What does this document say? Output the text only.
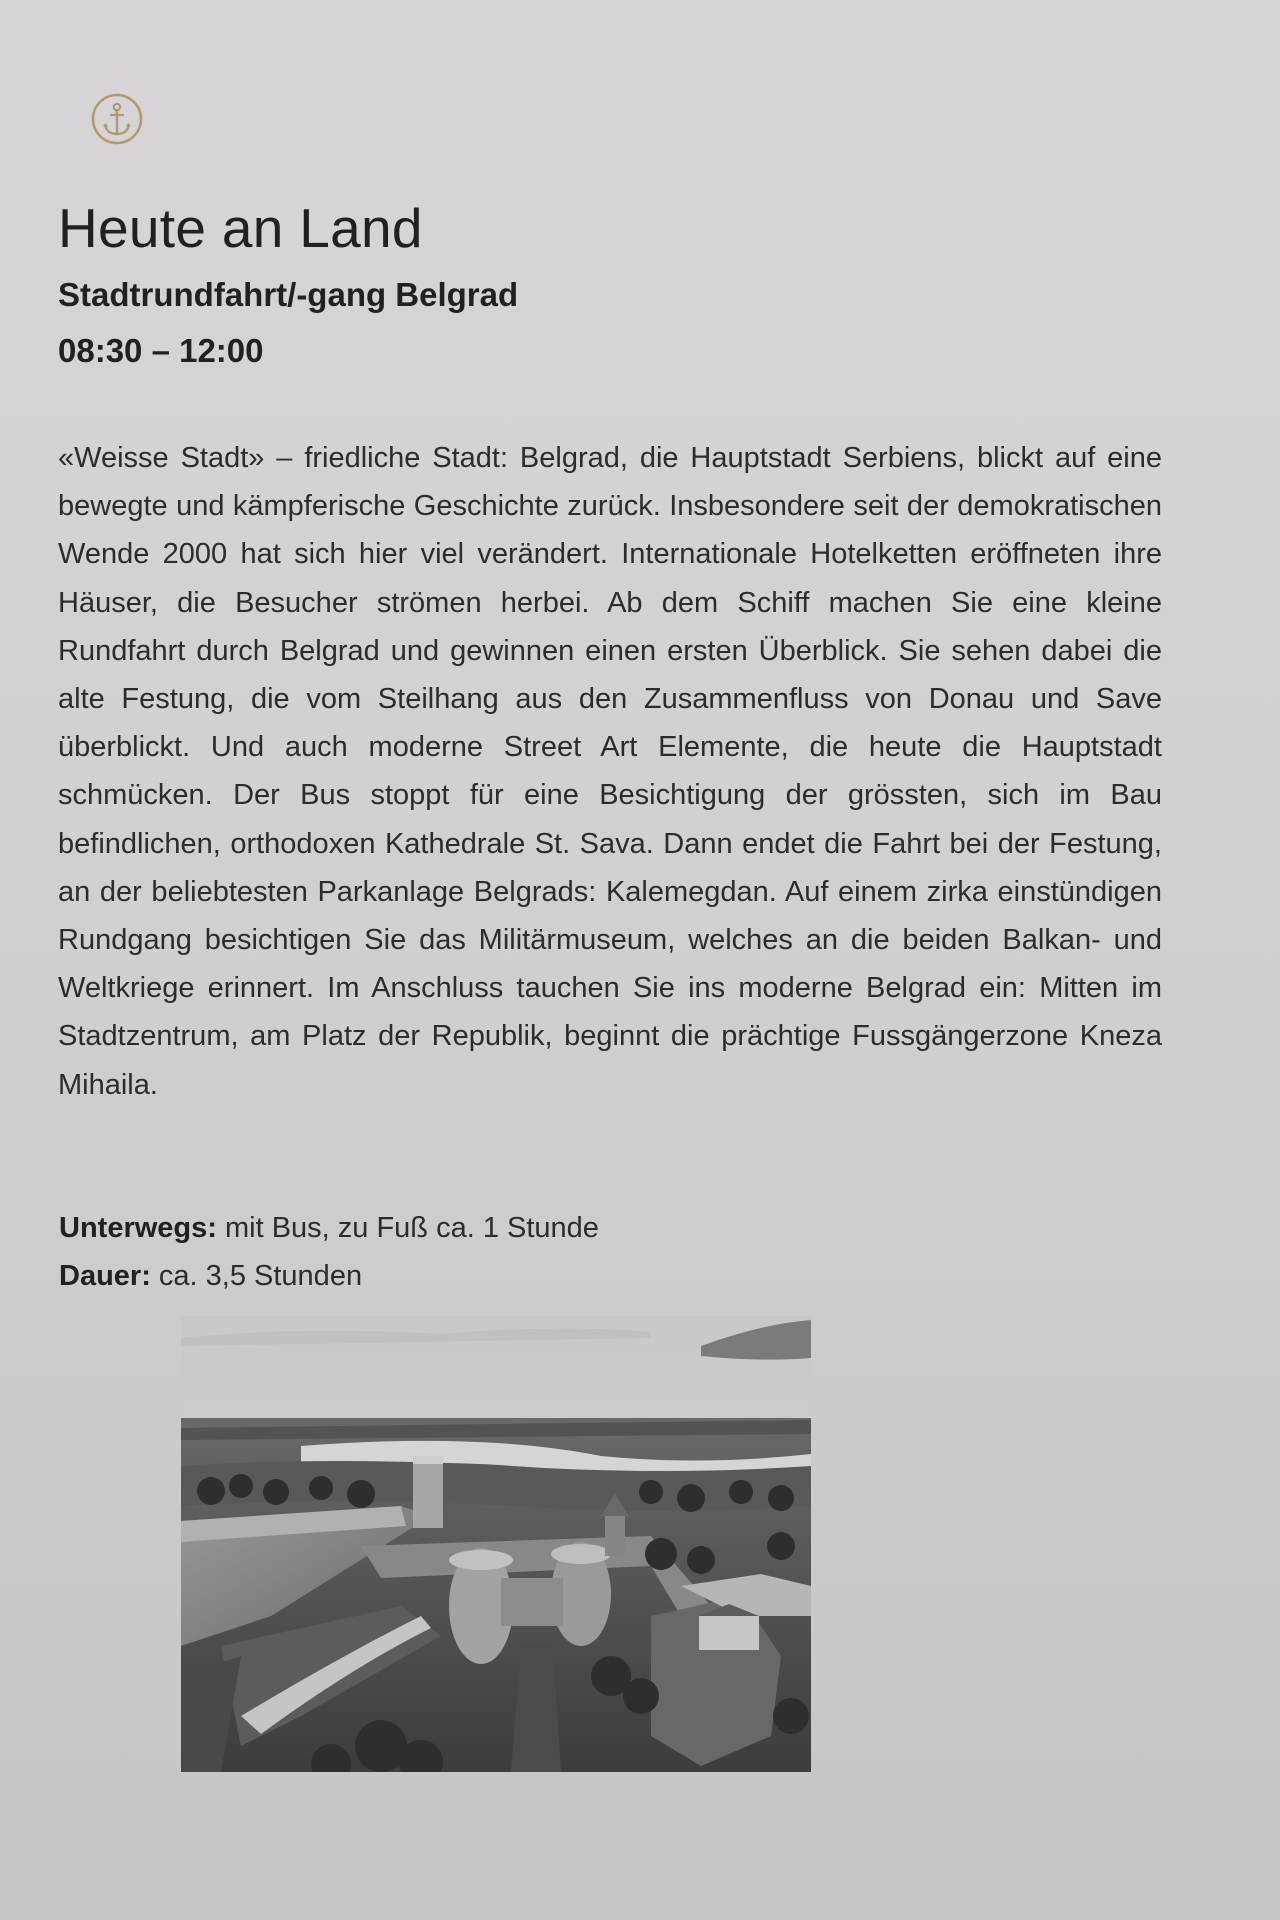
Heute an Land
Stadtrundfahrt/-gang Belgrad
08:30 – 12:00

«Weisse Stadt» – friedliche Stadt: Belgrad, die Hauptstadt Serbiens, blickt auf eine bewegte und kämpferische Geschichte zurück. Insbesondere seit der demokratischen Wende 2000 hat sich hier viel verändert. Internationale Hotelketten eröffneten ihre Häuser, die Besucher strömen herbei. Ab dem Schiff machen Sie eine kleine Rundfahrt durch Belgrad und gewinnen einen ersten Überblick. Sie sehen dabei die alte Festung, die vom Steilhang aus den Zusammenfluss von Donau und Save überblickt. Und auch moderne Street Art Elemente, die heute die Hauptstadt schmücken. Der Bus stoppt für eine Besichtigung der grössten, sich im Bau befindlichen, orthodoxen Kathedrale St. Sava. Dann endet die Fahrt bei der Festung, an der beliebtesten Parkanlage Belgrads: Kalemegdan. Auf einem zirka einstündigen Rundgang besichtigen Sie das Militärmuseum, welches an die beiden Balkan- und Weltkriege erinnert. Im Anschluss tauchen Sie ins moderne Belgrad ein: Mitten im Stadtzentrum, am Platz der Republik, beginnt die prächtige Fussgängerzone Kneza Mihaila.

Unterwegs: mit Bus, zu Fuß ca. 1 Stunde

Dauer: ca. 3,5 Stunden
